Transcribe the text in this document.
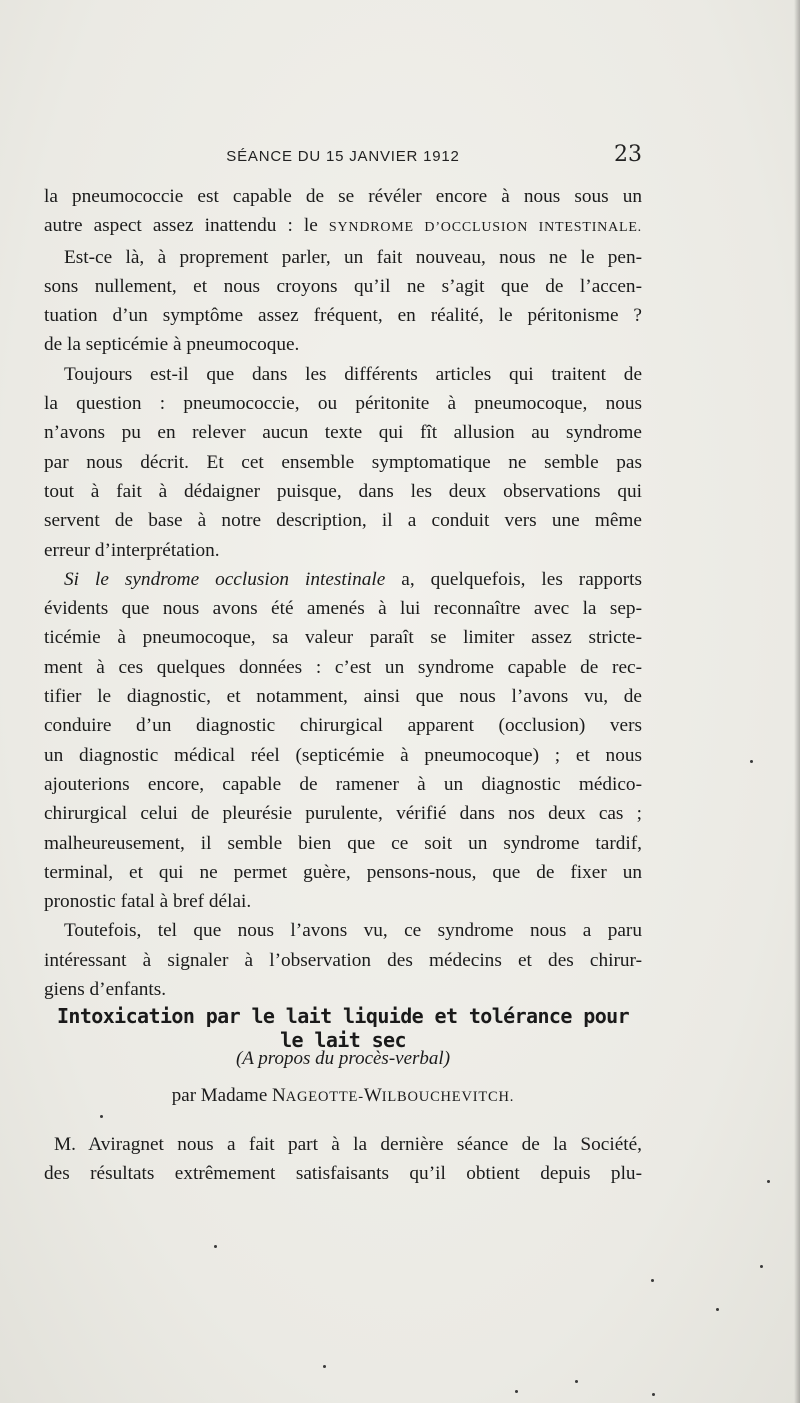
SÉANCE DU 15 JANVIER 1912	23
la pneumococcie est capable de se révéler encore à nous sous un
autre aspect assez inattendu : le SYNDROME D’OCCLUSION INTESTINALE.
Est-ce là, à proprement parler, un fait nouveau, nous ne le pen-
sons nullement, et nous croyons qu’il ne s’agit que de l’accen-
tuation d’un symptôme assez fréquent, en réalité, le péritonisme ?
de la septicémie à pneumocoque.
Toujours est-il que dans les différents articles qui traitent de
la question : pneumococcie, ou péritonite à pneumocoque, nous
n’avons pu en relever aucun texte qui fît allusion au syndrome
par nous décrit. Et cet ensemble symptomatique ne semble pas
tout à fait à dédaigner puisque, dans les deux observations qui
servent de base à notre description, il a conduit vers une même
erreur d’interprétation.
Si le syndrome occlusion intestinale a, quelquefois, les rapports
évidents que nous avons été amenés à lui reconnaître avec la sep-
ticémie à pneumocoque, sa valeur paraît se limiter assez stricte-
ment à ces quelques données : c’est un syndrome capable de rec-
tifier le diagnostic, et notamment, ainsi que nous l’avons vu, de
conduire d’un diagnostic chirurgical apparent (occlusion) vers
un diagnostic médical réel (septicémie à pneumocoque) ; et nous
ajouterions encore, capable de ramener à un diagnostic médico-
chirurgical celui de pleurésie purulente, vérifié dans nos deux cas ;
malheureusement, il semble bien que ce soit un syndrome tardif,
terminal, et qui ne permet guère, pensons-nous, que de fixer un
pronostic fatal à bref délai.
Toutefois, tel que nous l’avons vu, ce syndrome nous a paru
intéressant à signaler à l’observation des médecins et des chirur-
giens d’enfants.
Intoxication par le lait liquide et tolérance pour le lait sec
(A propos du procès-verbal)
par Madame NAGEOTTE-WILBOUCHEVITCH.
M. Aviragnet nous a fait part à la dernière séance de la Société,
des résultats extrêmement satisfaisants qu’il obtient depuis plu-
